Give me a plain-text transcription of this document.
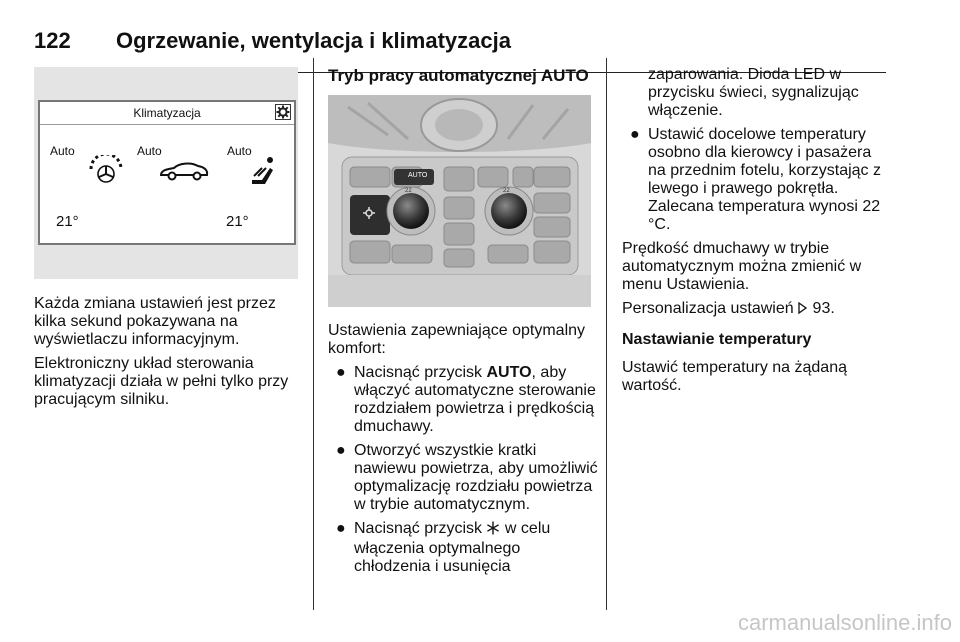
122 Ogrzewanie, wentylacja i klimatyzacja
Klimatyzacja
Auto	Auto	Auto
21°	21°

Każda zmiana ustawień jest przez kilka sekund pokazywana na wyświetlaczu informacyjnym.

Elektroniczny układ sterowania klimatyzacji działa w pełni tylko przy pracującym silniku.

Tryb pracy automatycznej AUTO
AUTO
22	22

Ustawienia zapewniające optymalny komfort:

● Nacisnąć przycisk AUTO, aby włączyć automatyczne sterowanie rozdziałem powietrza i prędkością dmuchawy.
● Otworzyć wszystkie kratki nawiewu powietrza, aby umożliwić optymalizację rozdziału powietrza w trybie automatycznym.
● Nacisnąć przycisk  w celu włączenia optymalnego chłodzenia i usunięcia

zaparowania. Dioda LED w przycisku świeci, sygnalizując włączenie.

● Ustawić docelowe temperatury osobno dla kierowcy i pasażera na przednim fotelu, korzystając z lewego i prawego pokrętła. Zalecana temperatura wynosi 22 °C.

Prędkość dmuchawy w trybie automatycznym można zmienić w menu Ustawienia.

Personalizacja ustawień  93.

Nastawianie temperatury

Ustawić temperatury na żądaną wartość.

carmanualsonline.info
